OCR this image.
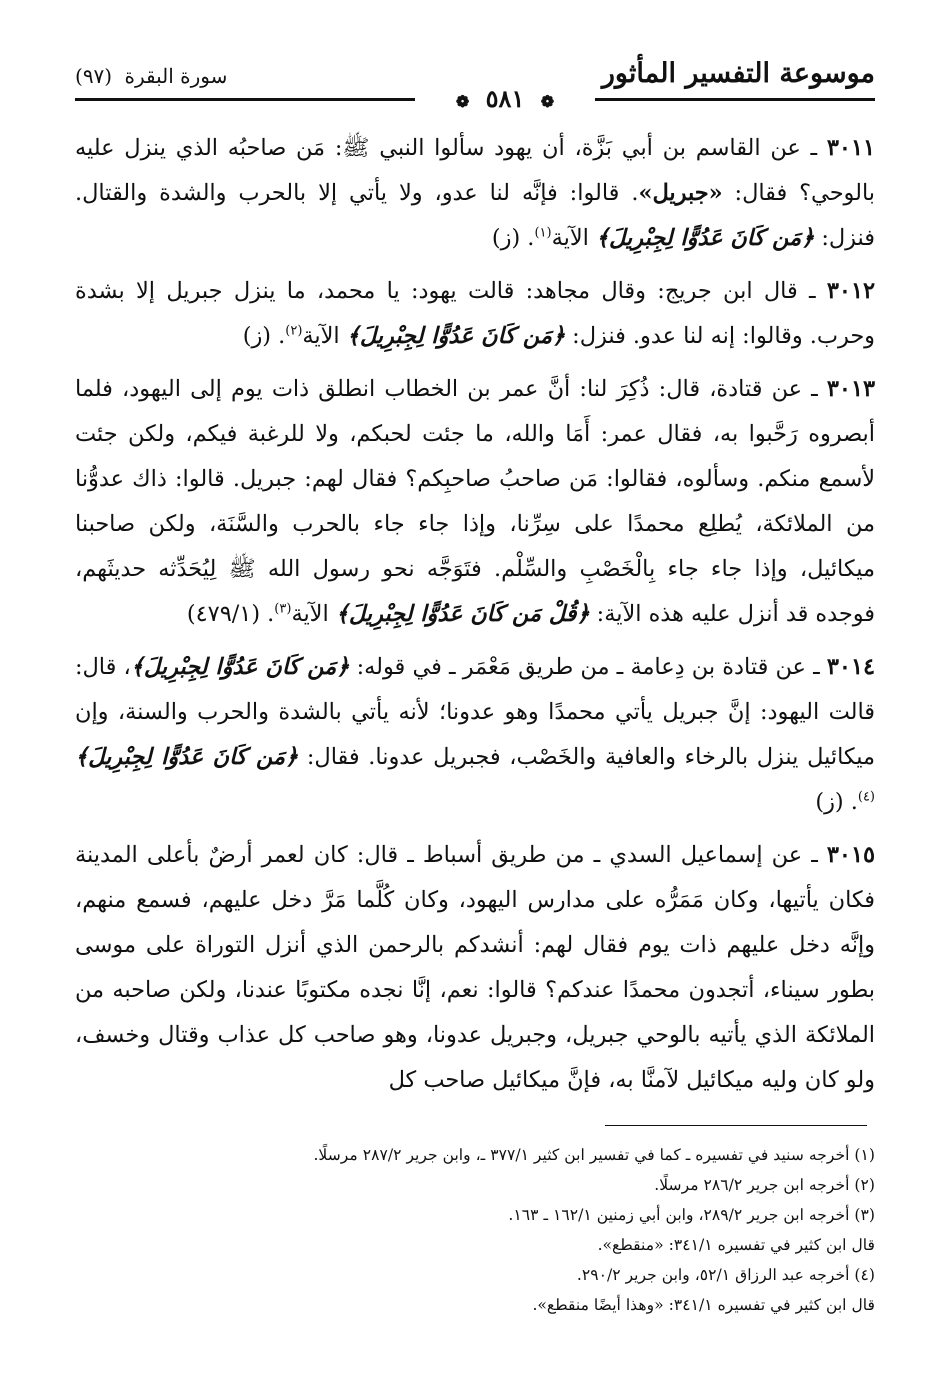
موسوعة التفسير المأثور
سورة البقرة (٩٧)
❁ ٥٨١ ❁

٣٠١١ ـ عن القاسم بن أبي بَزَّة، أن يهود سألوا النبي ﷺ: مَن صاحبُه الذي ينزل عليه بالوحي؟ فقال: «جبريل». قالوا: فإنَّه لنا عدو، ولا يأتي إلا بالحرب والشدة والقتال. فنزل: ﴿مَن كَانَ عَدُوًّا لِجِبْرِيلَ﴾ الآية$^{(١)}$. (ز)

٣٠١٢ ـ قال ابن جريج: وقال مجاهد: قالت يهود: يا محمد، ما ينزل جبريل إلا بشدة وحرب. وقالوا: إنه لنا عدو. فنزل: ﴿مَن كَانَ عَدُوًّا لِجِبْرِيلَ﴾ الآية$^{(٢)}$. (ز)

٣٠١٣ ـ عن قتادة، قال: ذُكِرَ لنا: أنَّ عمر بن الخطاب انطلق ذات يوم إلى اليهود، فلما أبصروه رَحَّبوا به، فقال عمر: أَمَا والله، ما جئت لحبكم، ولا للرغبة فيكم، ولكن جئت لأسمع منكم. وسألوه، فقالوا: مَن صاحبُ صاحبِكم؟ فقال لهم: جبريل. قالوا: ذاك عدوُّنا من الملائكة، يُطلِع محمدًا على سِرِّنا، وإذا جاء جاء بالحرب والسَّنَة، ولكن صاحبنا ميكائيل، وإذا جاء جاء بِالْخَصْبِ والسِّلْم. فتَوَجَّه نحو رسول الله ﷺ لِيُحَدِّثه حديثَهم، فوجده قد أنزل عليه هذه الآية: ﴿قُلْ مَن كَانَ عَدُوًّا لِجِبْرِيلَ﴾ الآية$^{(٣)}$. (٤٧٩/١)

٣٠١٤ ـ عن قتادة بن دِعامة ـ من طريق مَعْمَر ـ في قوله: ﴿مَن كَانَ عَدُوًّا لِجِبْرِيلَ﴾، قال: قالت اليهود: إنَّ جبريل يأتي محمدًا وهو عدونا؛ لأنه يأتي بالشدة والحرب والسنة، وإن ميكائيل ينزل بالرخاء والعافية والخَصْب، فجبريل عدونا. فقال: ﴿مَن كَانَ عَدُوًّا لِجِبْرِيلَ﴾$^{(٤)}$. (ز)

٣٠١٥ ـ عن إسماعيل السدي ـ من طريق أسباط ـ قال: كان لعمر أرضٌ بأعلى المدينة فكان يأتيها، وكان مَمَرُّه على مدارس اليهود، وكان كُلَّما مَرَّ دخل عليهم، فسمع منهم، وإنَّه دخل عليهم ذات يوم فقال لهم: أنشدكم بالرحمن الذي أنزل التوراة على موسى بطور سيناء، أتجدون محمدًا عندكم؟ قالوا: نعم، إنَّا نجده مكتوبًا عندنا، ولكن صاحبه من الملائكة الذي يأتيه بالوحي جبريل، وجبريل عدونا، وهو صاحب كل عذاب وقتال وخسف، ولو كان وليه ميكائيل لآمنَّا به، فإنَّ ميكائيل صاحب كل

(١) أخرجه سنيد في تفسيره ـ كما في تفسير ابن كثير ٣٧٧/١ ـ، وابن جرير ٢٨٧/٢ مرسلًا.

(٢) أخرجه ابن جرير ٢٨٦/٢ مرسلًا.

(٣) أخرجه ابن جرير ٢٨٩/٢، وابن أبي زمنين ١٦٢/١ ـ ١٦٣.

قال ابن كثير في تفسيره ٣٤١/١: «منقطع».

(٤) أخرجه عبد الرزاق ٥٢/١، وابن جرير ٢٩٠/٢.

قال ابن كثير في تفسيره ٣٤١/١: «وهذا أيضًا منقطع».
